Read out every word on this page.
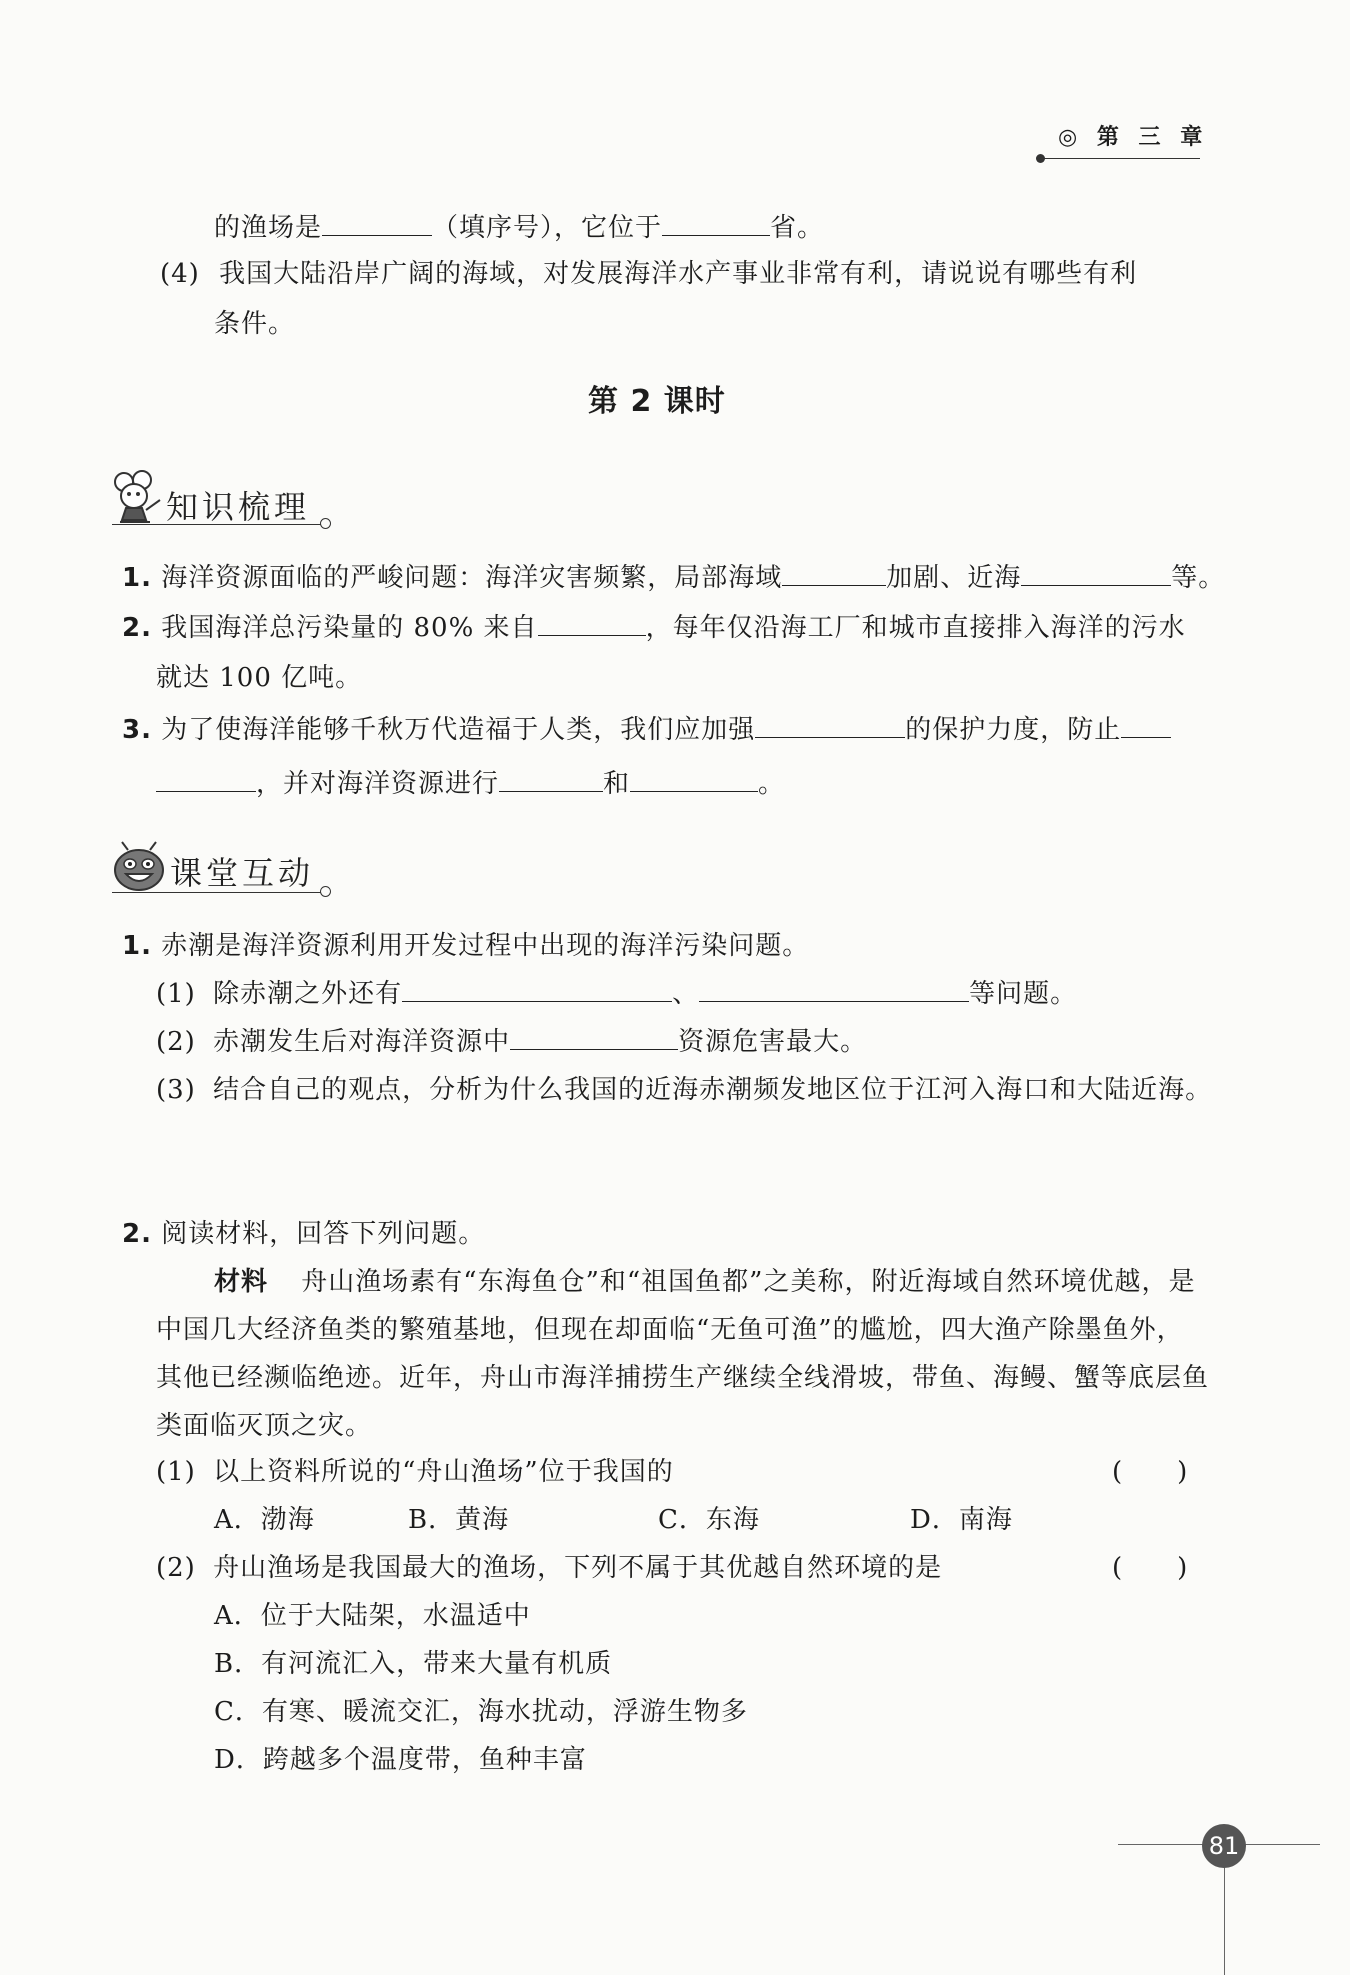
◎ 第 三 章
的渔场是	（填序号），它位于	省。
(4) 我国大陆沿岸广阔的海域，对发展海洋水产事业非常有利，请说说有哪些有利
条件。
第 2 课时
知识梳理
1. 海洋资源面临的严峻问题：海洋灾害频繁，局部海域	加剧、近海	等。
2. 我国海洋总污染量的 80% 来自	，每年仅沿海工厂和城市直接排入海洋的污水
就达 100 亿吨。
3. 为了使海洋能够千秋万代造福于人类，我们应加强	的保护力度，防止
，并对海洋资源进行	和	。
课堂互动
1. 赤潮是海洋资源利用开发过程中出现的海洋污染问题。
(1) 除赤潮之外还有	、	等问题。
(2) 赤潮发生后对海洋资源中	资源危害最大。
(3) 结合自己的观点，分析为什么我国的近海赤潮频发地区位于江河入海口和大陆近海。
2. 阅读材料，回答下列问题。
材料 舟山渔场素有“东海鱼仓”和“祖国鱼都”之美称，附近海域自然环境优越，是
中国几大经济鱼类的繁殖基地，但现在却面临“无鱼可渔”的尴尬，四大渔产除墨鱼外，
其他已经濒临绝迹。近年，舟山市海洋捕捞生产继续全线滑坡，带鱼、海鳗、蟹等底层鱼
类面临灭顶之灾。
(1) 以上资料所说的“舟山渔场”位于我国的	(　　)
A．渤海	B．黄海	C．东海	D．南海
(2) 舟山渔场是我国最大的渔场，下列不属于其优越自然环境的是	(　　)
A．位于大陆架，水温适中
B．有河流汇入，带来大量有机质
C．有寒、暖流交汇，海水扰动，浮游生物多
D．跨越多个温度带，鱼种丰富
81
